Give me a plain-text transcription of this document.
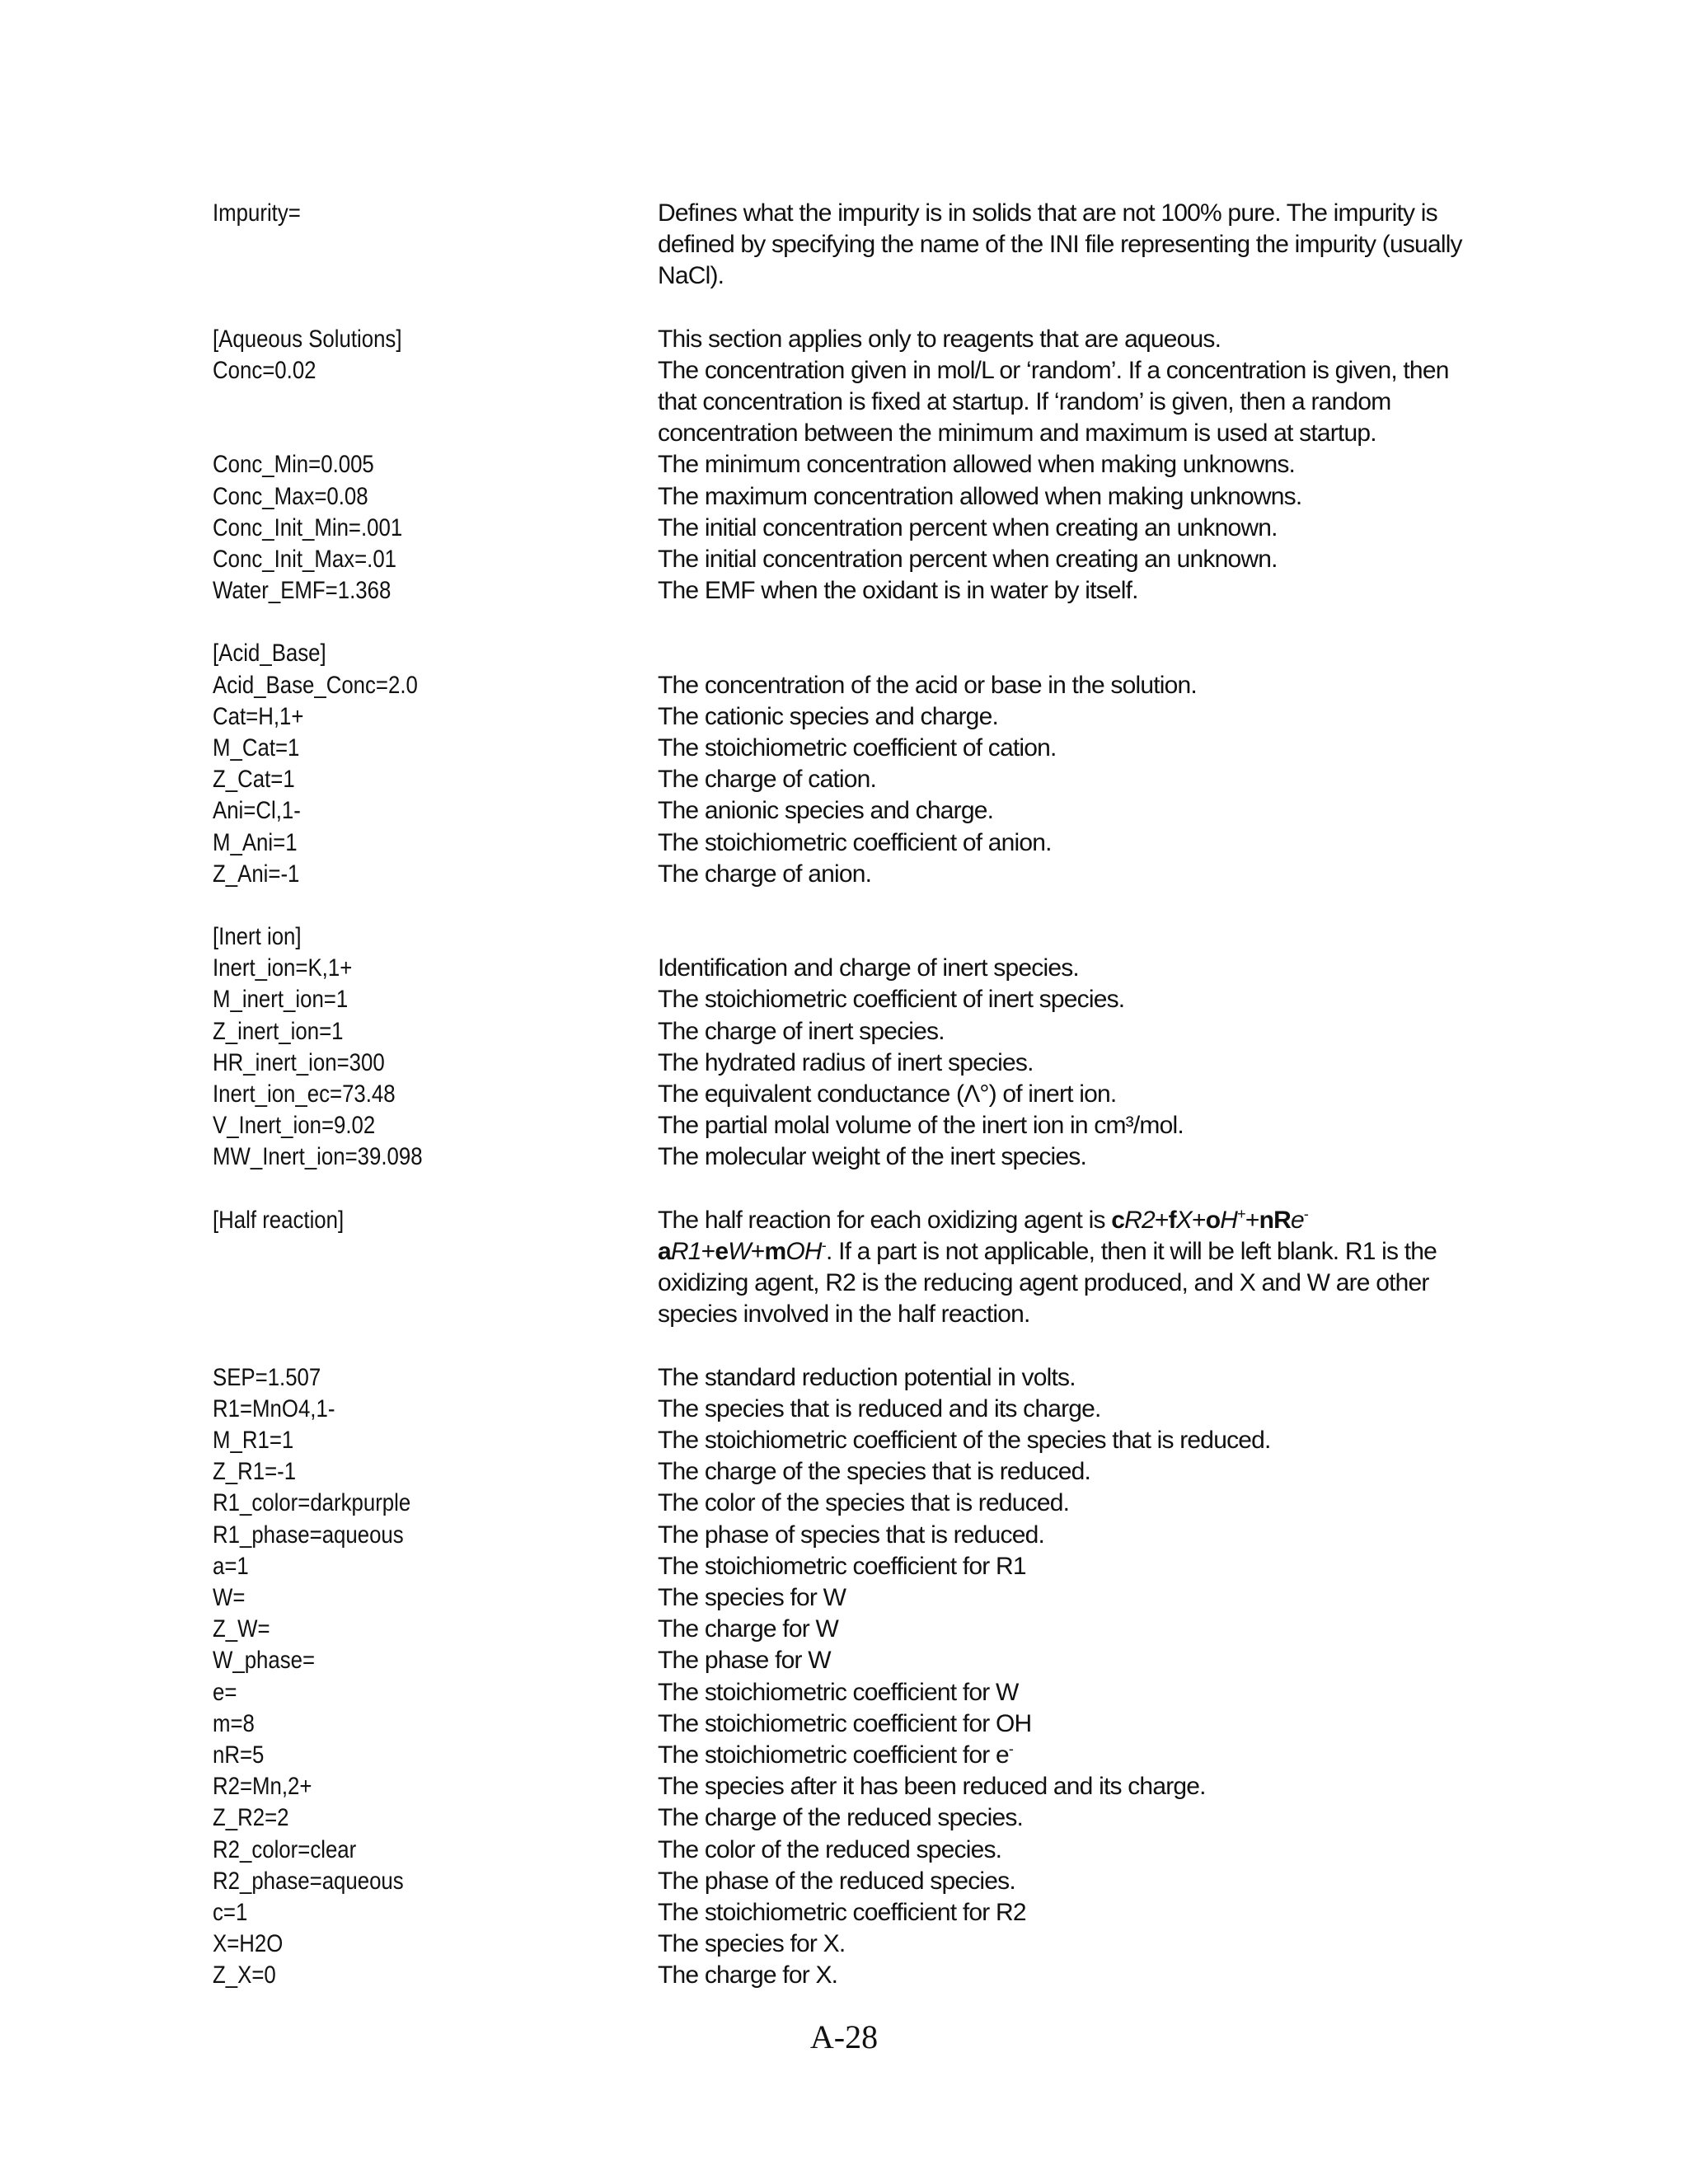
Impurity=	Defines what the impurity is in solids that are not 100% pure. The impurity is defined by specifying the name of the INI file representing the impurity (usually NaCl).
[Aqueous Solutions]	This section applies only to reagents that are aqueous.
Conc=0.02	The concentration given in mol/L or ‘random’. If a concentration is given, then that concentration is fixed at startup. If ‘random’ is given, then a random concentration between the minimum and maximum is used at startup.
Conc_Min=0.005	The minimum concentration allowed when making unknowns.
Conc_Max=0.08	The maximum concentration allowed when making unknowns.
Conc_Init_Min=.001	The initial concentration percent when creating an unknown.
Conc_Init_Max=.01	The initial concentration percent when creating an unknown.
Water_EMF=1.368	The EMF when the oxidant is in water by itself.
[Acid_Base]
Acid_Base_Conc=2.0	The concentration of the acid or base in the solution.
Cat=H,1+	The cationic species and charge.
M_Cat=1	The stoichiometric coefficient of cation.
Z_Cat=1	The charge of cation.
Ani=Cl,1-	The anionic species and charge.
M_Ani=1	The stoichiometric coefficient of anion.
Z_Ani=-1	The charge of anion.
[Inert ion]
Inert_ion=K,1+	Identification and charge of inert species.
M_inert_ion=1	The stoichiometric coefficient of inert species.
Z_inert_ion=1	The charge of inert species.
HR_inert_ion=300	The hydrated radius of inert species.
Inert_ion_ec=73.48	The equivalent conductance (Λ°) of inert ion.
V_Inert_ion=9.02	The partial molal volume of the inert ion in cm³/mol.
MW_Inert_ion=39.098	The molecular weight of the inert species.
[Half reaction]	The half reaction for each oxidizing agent is cR2+fX+oH++nRe- aR1+eW+mOH-. If a part is not applicable, then it will be left blank. R1 is the oxidizing agent, R2 is the reducing agent produced, and X and W are other species involved in the half reaction.
SEP=1.507	The standard reduction potential in volts.
R1=MnO4,1-	The species that is reduced and its charge.
M_R1=1	The stoichiometric coefficient of the species that is reduced.
Z_R1=-1	The charge of the species that is reduced.
R1_color=darkpurple	The color of the species that is reduced.
R1_phase=aqueous	The phase of species that is reduced.
a=1	The stoichiometric coefficient for R1
W=	The species for W
Z_W=	The charge for W
W_phase=	The phase for W
e=	The stoichiometric coefficient for W
m=8	The stoichiometric coefficient for OH
nR=5	The stoichiometric coefficient for e-
R2=Mn,2+	The species after it has been reduced and its charge.
Z_R2=2	The charge of the reduced species.
R2_color=clear	The color of the reduced species.
R2_phase=aqueous	The phase of the reduced species.
c=1	The stoichiometric coefficient for R2
X=H2O	The species for X.
Z_X=0	The charge for X.
A-28
